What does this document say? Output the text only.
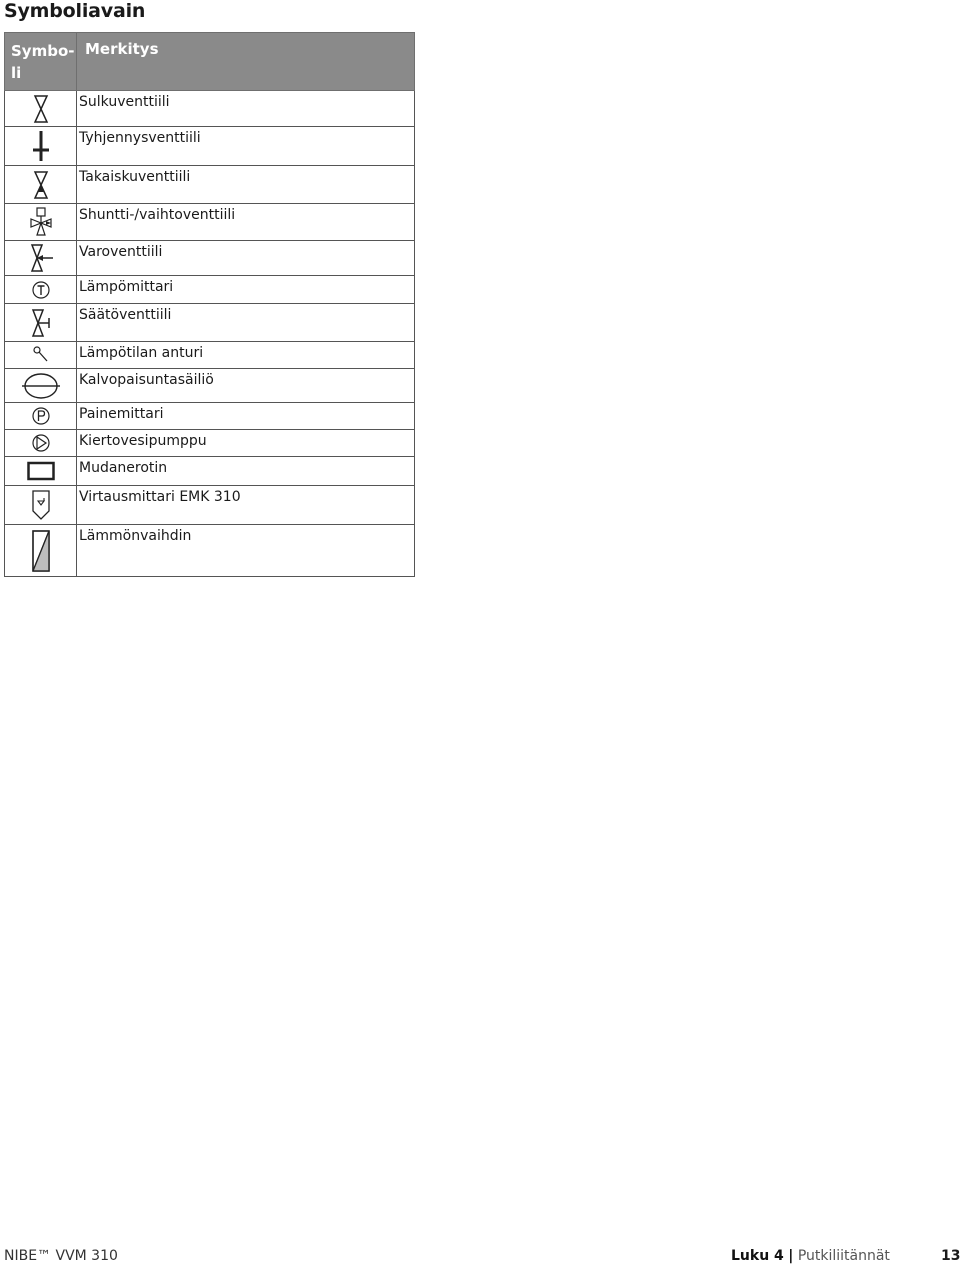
Symboliavain
Symbo-
li	Merkitys

	Sulkuventtiili

	Tyhjennysventtiili

	Takaiskuventtiili

	Shuntti-/vaihtoventtiili

	Varoventtiili

	Lämpömittari

	Säätöventtiili

	Lämpötilan anturi

	Kalvopaisuntasäiliö

	Painemittari

	Kiertovesipumppu

	Mudanerotin

	Virtausmittari EMK 310

	Lämmönvaihdin
NIBE™ VVM 310	Luku 4 | Putkiliitännät	13
